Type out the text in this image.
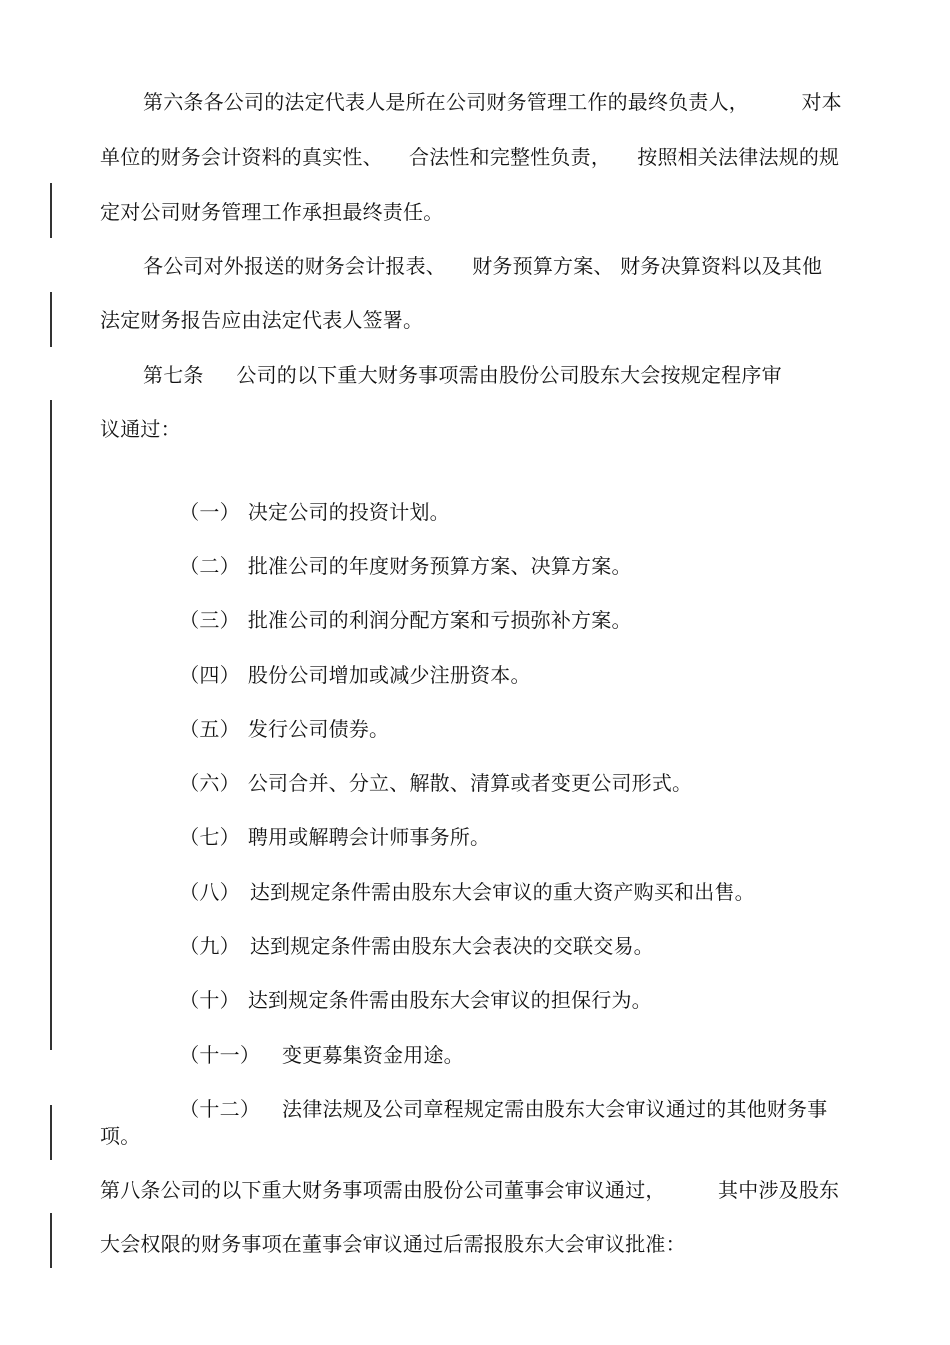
第六条各公司的法定代表人是所在公司财务管理工作的最终负责人，        对本
单位的财务会计资料的真实性、    合法性和完整性负责，    按照相关法律法规的规
定对公司财务管理工作承担最终责任。
各公司对外报送的财务会计报表、    财务预算方案、 财务决算资料以及其他
法定财务报告应由法定代表人签署。
第七条     公司的以下重大财务事项需由股份公司股东大会按规定程序审
议通过：

（一） 决定公司的投资计划。

（二） 批准公司的年度财务预算方案、决算方案。

（三） 批准公司的利润分配方案和亏损弥补方案。

（四） 股份公司增加或减少注册资本。

（五） 发行公司债券。

（六） 公司合并、分立、解散、清算或者变更公司形式。

（七） 聘用或解聘会计师事务所。

（八） 达到规定条件需由股东大会审议的重大资产购买和出售。

（九） 达到规定条件需由股东大会表决的交联交易。

（十） 达到规定条件需由股东大会审议的担保行为。

（十一） 变更募集资金用途。

（十二） 法律法规及公司章程规定需由股东大会审议通过的其他财务事

项。
第八条公司的以下重大财务事项需由股份公司董事会审议通过，        其中涉及股东
大会权限的财务事项在董事会审议通过后需报股东大会审议批准：
